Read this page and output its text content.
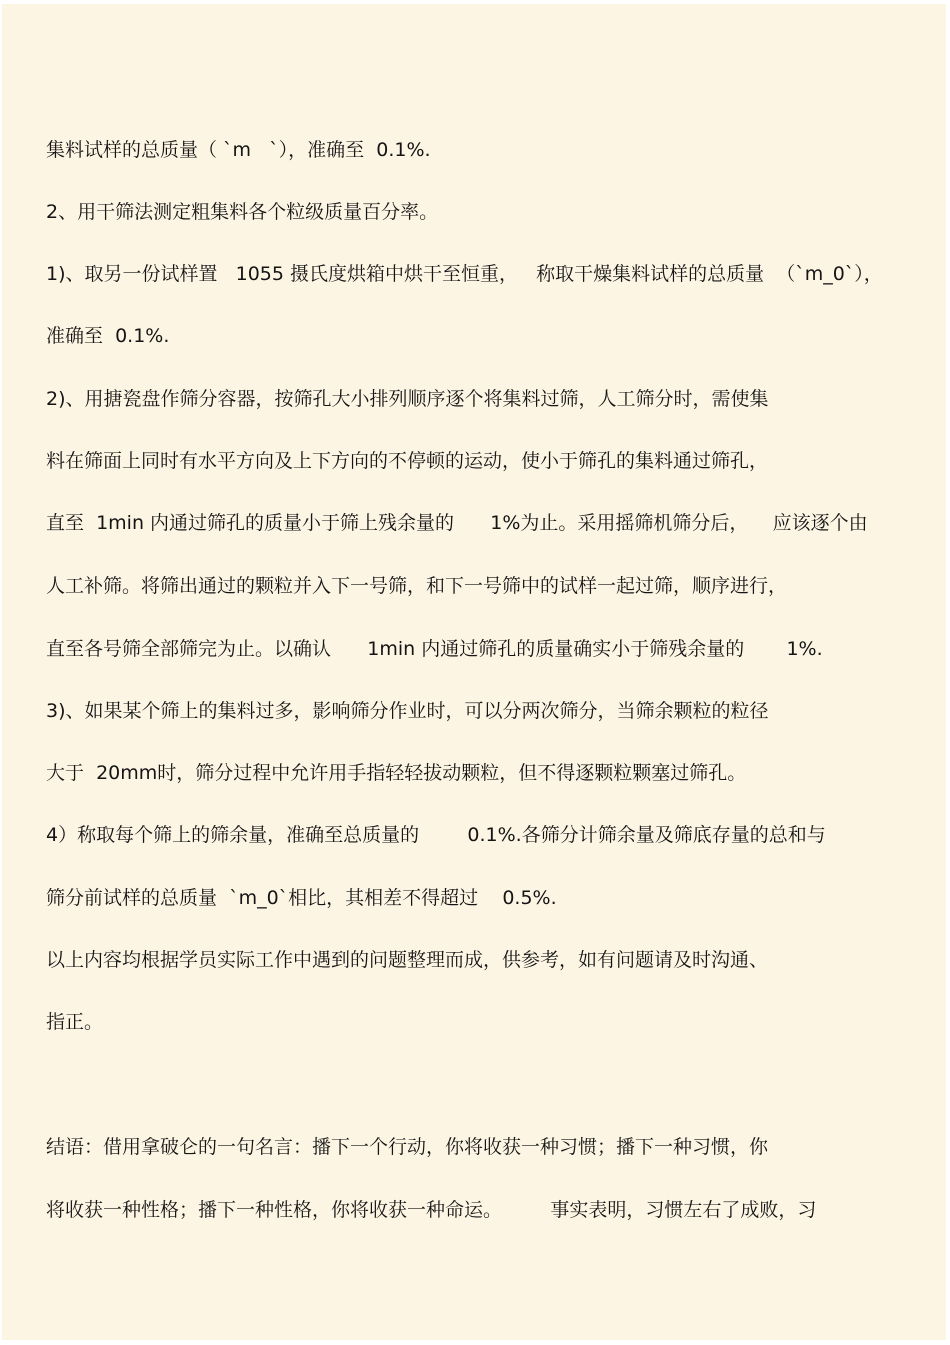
集料试样的总质量（ `m   `），准确至  0.1%.

2、用干筛法测定粗集料各个粒级质量百分率。

1)、取另一份试样置   1055 摄氏度烘箱中烘干至恒重，   称取干燥集料试样的总质量  （`m_0`），

准确至  0.1%.

2)、用搪瓷盘作筛分容器，按筛孔大小排列顺序逐个将集料过筛，人工筛分时，需使集

料在筛面上同时有水平方向及上下方向的不停顿的运动，使小于筛孔的集料通过筛孔，

直至  1min 内通过筛孔的质量小于筛上残余量的      1%为止。采用摇筛机筛分后，    应该逐个由

人工补筛。将筛出通过的颗粒并入下一号筛，和下一号筛中的试样一起过筛，顺序进行，

直至各号筛全部筛完为止。以确认      1min 内通过筛孔的质量确实小于筛残余量的       1%.

3)、如果某个筛上的集料过多，影响筛分作业时，可以分两次筛分，当筛余颗粒的粒径

大于  20mm时，筛分过程中允许用手指轻轻拔动颗粒，但不得逐颗粒颗塞过筛孔。

4）称取每个筛上的筛余量，准确至总质量的        0.1%.各筛分计筛余量及筛底存量的总和与

筛分前试样的总质量  `m_0`相比，其相差不得超过    0.5%.

以上内容均根据学员实际工作中遇到的问题整理而成，供参考，如有问题请及时沟通、

指正。

结语：借用拿破仑的一句名言：播下一个行动，你将收获一种习惯；播下一种习惯，你

将收获一种性格；播下一种性格，你将收获一种命运。        事实表明，习惯左右了成败，习
